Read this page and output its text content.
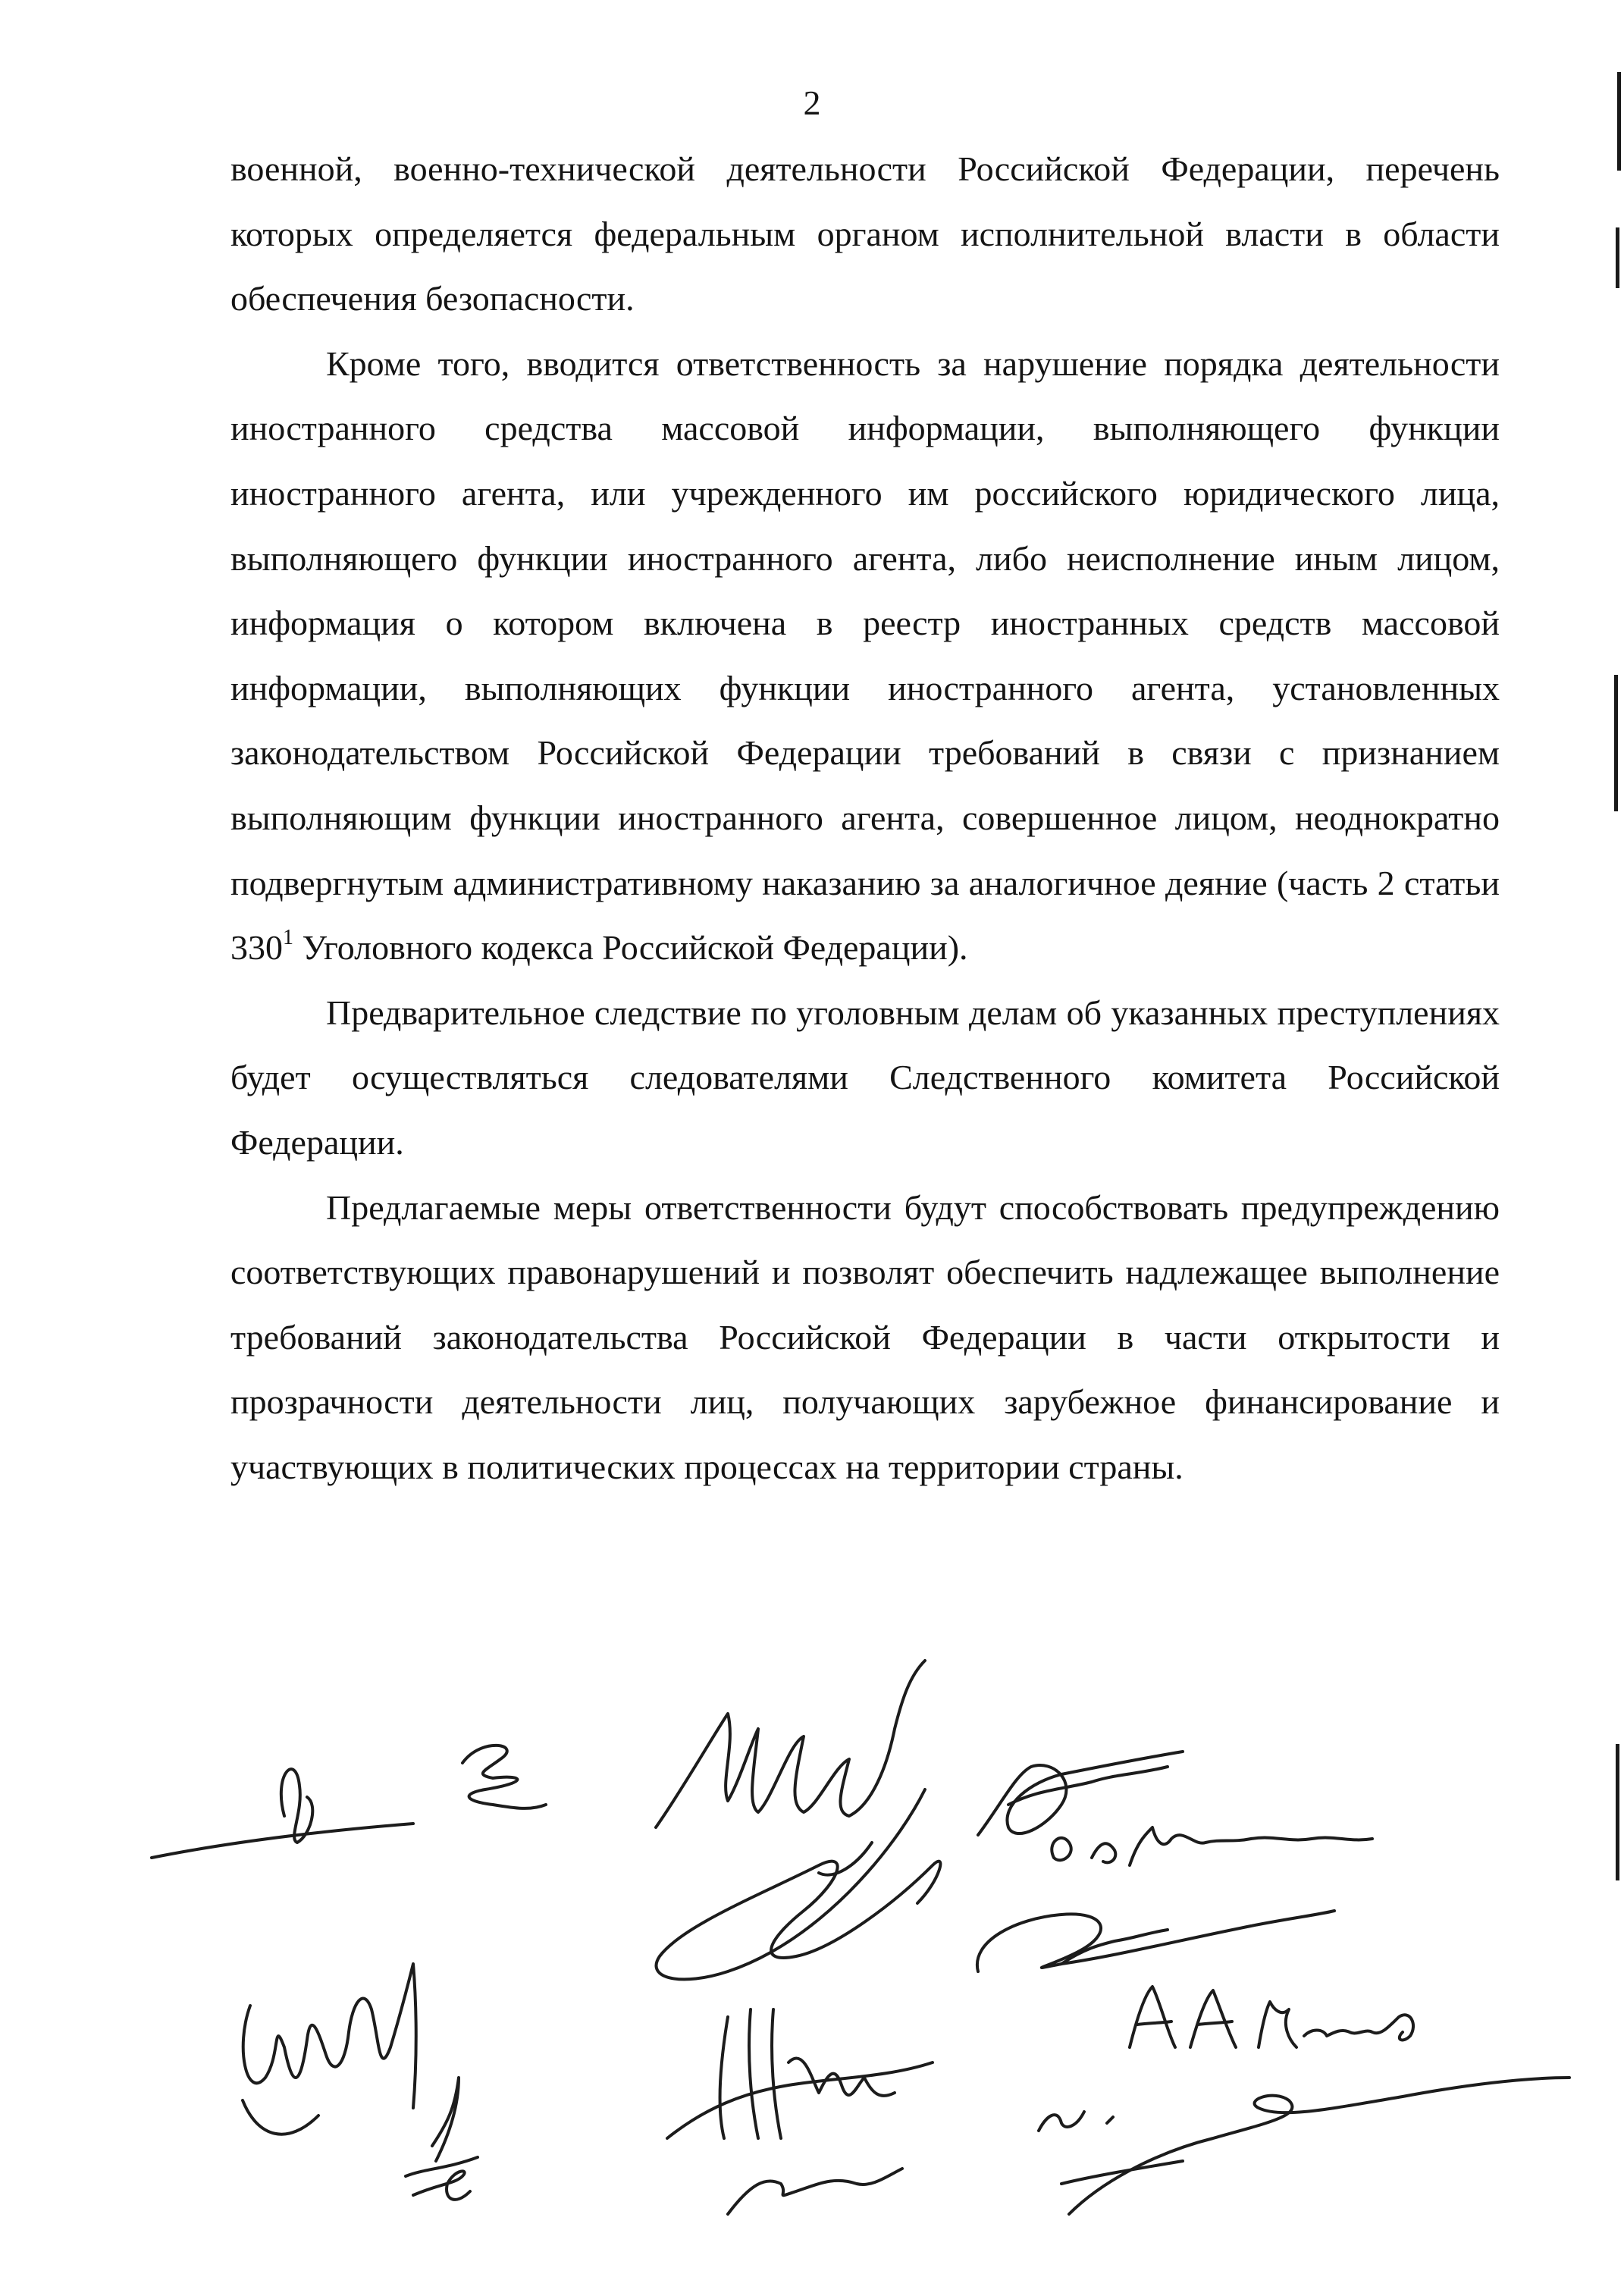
2

военной, военно-технической деятельности Российской Федерации, перечень которых определяется федеральным органом исполнительной власти в области обеспечения безопасности.

Кроме того, вводится ответственность за нарушение порядка деятельности иностранного средства массовой информации, выполняющего функции иностранного агента, или учрежденного им российского юридического лица, выполняющего функции иностранного агента, либо неисполнение иным лицом, информация о котором включена в реестр иностранных средств массовой информации, выполняющих функции иностранного агента, установленных законодательством Российской Федерации требований в связи с признанием выполняющим функции иностранного агента, совершенное лицом, неоднократно подвергнутым административному наказанию за аналогичное деяние (часть 2 статьи $330^1$ Уголовного кодекса Российской Федерации).

Предварительное следствие по уголовным делам об указанных преступлениях будет осуществляться следователями Следственного комитета Российской Федерации.

Предлагаемые меры ответственности будут способствовать предупреждению соответствующих правонарушений и позволят обеспечить надлежащее выполнение требований законодательства Российской Федерации в части открытости и прозрачности деятельности лиц, получающих зарубежное финансирование и участвующих в политических процессах на территории страны.
